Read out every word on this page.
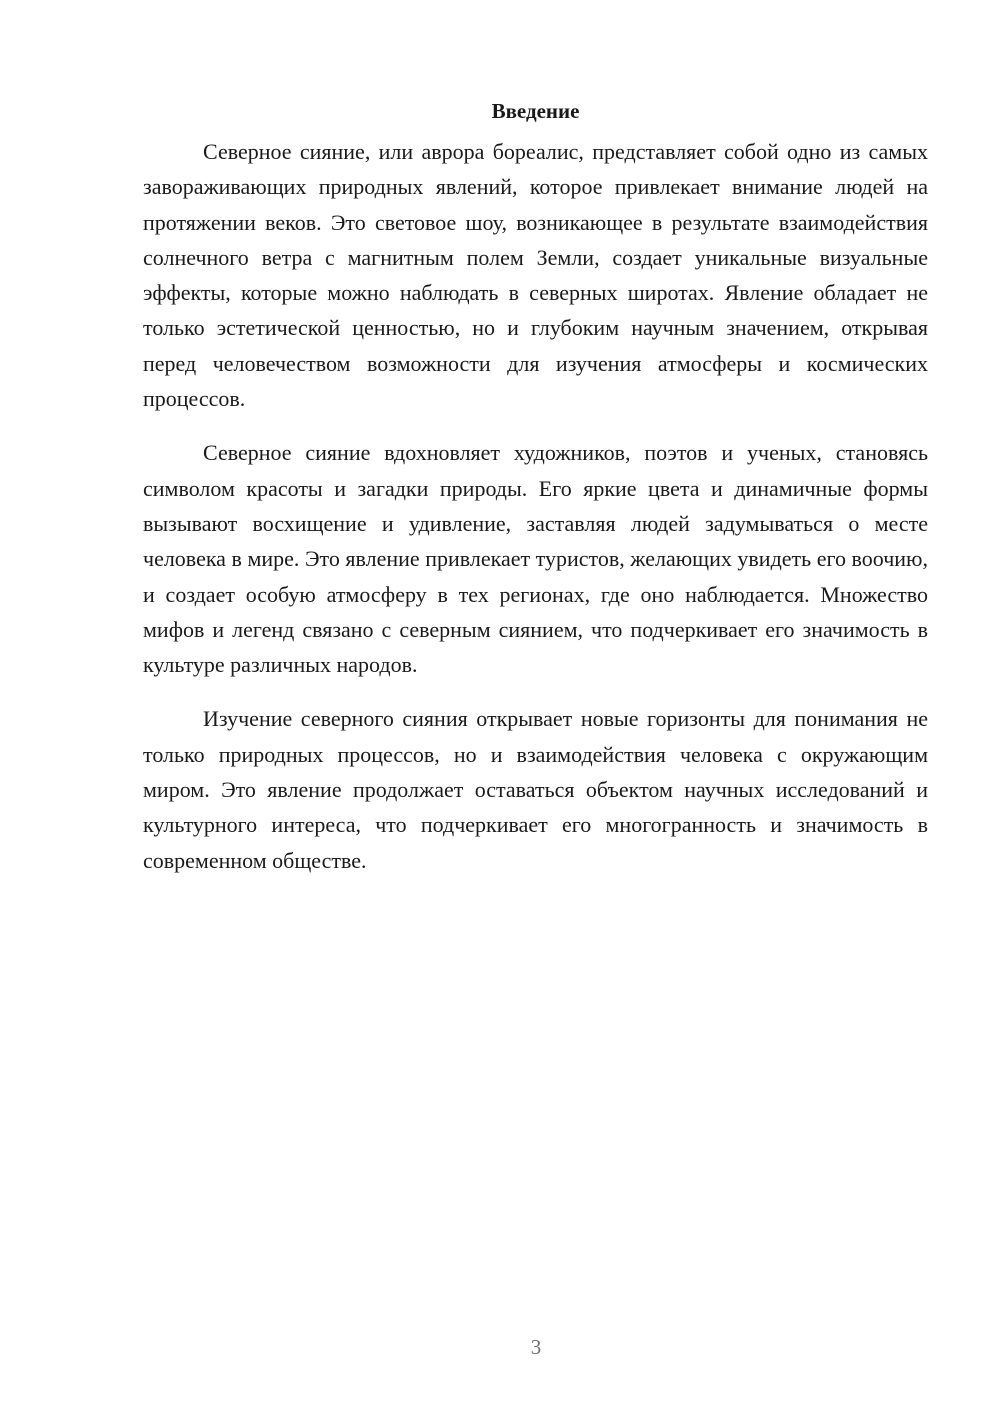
Введение

Северное сияние, или аврора бореалис, представляет собой одно из самых завораживающих природных явлений, которое привлекает внимание людей на протяжении веков. Это световое шоу, возникающее в результате взаимодействия солнечного ветра с магнитным полем Земли, создает уникальные визуальные эффекты, которые можно наблюдать в северных широтах. Явление обладает не только эстетической ценностью, но и глубоким научным значением, открывая перед человечеством возможности для изучения атмосферы и космических процессов.

Северное сияние вдохновляет художников, поэтов и ученых, становясь символом красоты и загадки природы. Его яркие цвета и динамичные формы вызывают восхищение и удивление, заставляя людей задумываться о месте человека в мире. Это явление привлекает туристов, желающих увидеть его воочию, и создает особую атмосферу в тех регионах, где оно наблюдается. Множество мифов и легенд связано с северным сиянием, что подчеркивает его значимость в культуре различных народов.

Изучение северного сияния открывает новые горизонты для понимания не только природных процессов, но и взаимодействия человека с окружающим миром. Это явление продолжает оставаться объектом научных исследований и культурного интереса, что подчеркивает его многогранность и значимость в современном обществе.

3
